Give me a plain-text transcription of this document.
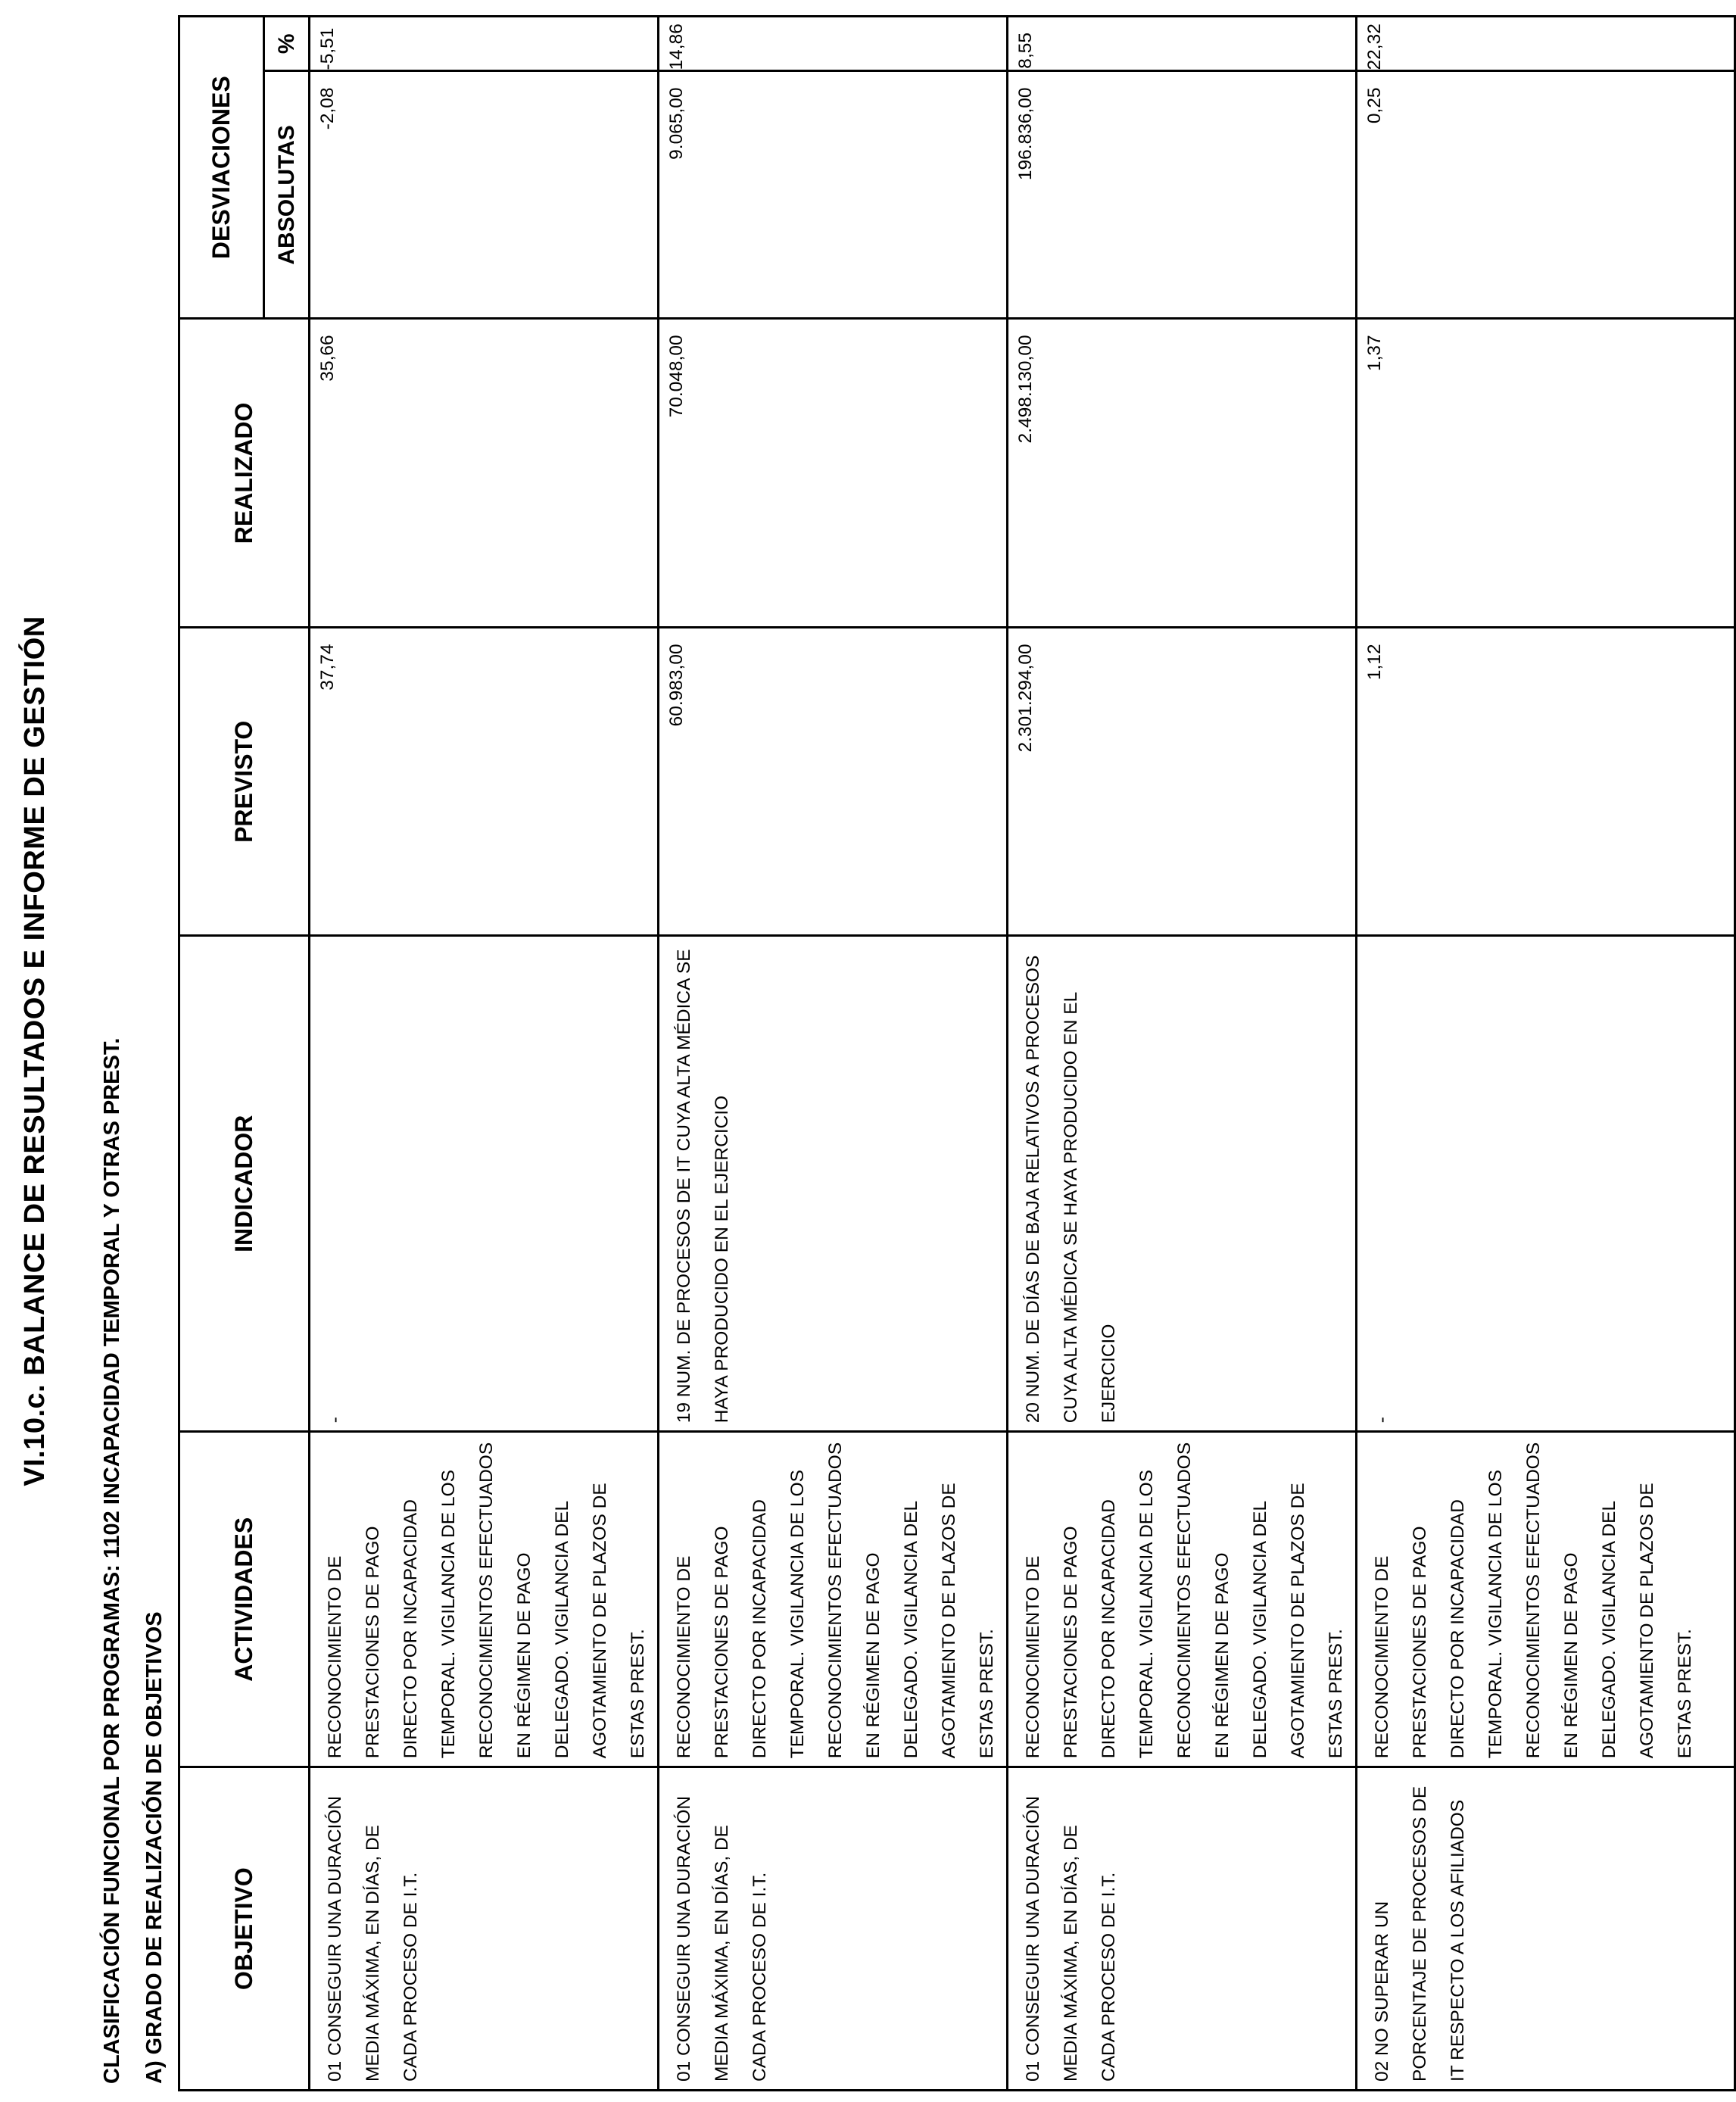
VI.10.c. BALANCE DE RESULTADOS E INFORME DE GESTIÓN CLASIFICACIÓN FUNCIONAL POR PROGRAMAS: 1102 INCAPACIDAD TEMPORAL Y OTRAS PREST. A) GRADO DE REALIZACIÓN DE OBJETIVOS	OBJETIVO	ACTIVIDADES	INDICADOR	PREVISTO	REALIZADO	DESVIACIONES	
					ABSOLUTAS	%
01 CONSEGUIR UNA DURACIÓN MEDIA MÁXIMA, EN DÍAS, DE CADA PROCESO DE I.T.	RECONOCIMIENTO DE PRESTACIONES DE PAGO DIRECTO POR INCAPACIDAD TEMPORAL. VIGILANCIA DE LOS RECONOCIMIENTOS EFECTUADOS EN RÉGIMEN DE PAGO DELEGADO. VIGILANCIA DEL AGOTAMIENTO DE PLAZOS DE ESTAS PREST.	-	37,74	35,66	-2,08	-5,51
01 CONSEGUIR UNA DURACIÓN MEDIA MÁXIMA, EN DÍAS, DE CADA PROCESO DE I.T.	RECONOCIMIENTO DE PRESTACIONES DE PAGO DIRECTO POR INCAPACIDAD TEMPORAL. VIGILANCIA DE LOS RECONOCIMIENTOS EFECTUADOS EN RÉGIMEN DE PAGO DELEGADO. VIGILANCIA DEL AGOTAMIENTO DE PLAZOS DE ESTAS PREST.	19 NUM. DE PROCESOS DE IT CUYA ALTA MÉDICA SE HAYA PRODUCIDO EN EL EJERCICIO	60.983,00	70.048,00	9.065,00	14,86
01 CONSEGUIR UNA DURACIÓN MEDIA MÁXIMA, EN DÍAS, DE CADA PROCESO DE I.T.	RECONOCIMIENTO DE PRESTACIONES DE PAGO DIRECTO POR INCAPACIDAD TEMPORAL. VIGILANCIA DE LOS RECONOCIMIENTOS EFECTUADOS EN RÉGIMEN DE PAGO DELEGADO. VIGILANCIA DEL AGOTAMIENTO DE PLAZOS DE ESTAS PREST.	20 NUM. DE DÍAS DE BAJA RELATIVOS A PROCESOS CUYA ALTA MÉDICA SE HAYA PRODUCIDO EN EL EJERCICIO	2.301.294,00	2.498.130,00	196.836,00	8,55
02 NO SUPERAR UN PORCENTAJE DE PROCESOS DE IT RESPECTO A LOS AFILIADOS	RECONOCIMIENTO DE PRESTACIONES DE PAGO DIRECTO POR INCAPACIDAD TEMPORAL. VIGILANCIA DE LOS RECONOCIMIENTOS EFECTUADOS EN RÉGIMEN DE PAGO DELEGADO. VIGILANCIA DEL AGOTAMIENTO DE PLAZOS DE ESTAS PREST.	-	1,12	1,37	0,25	22,32
